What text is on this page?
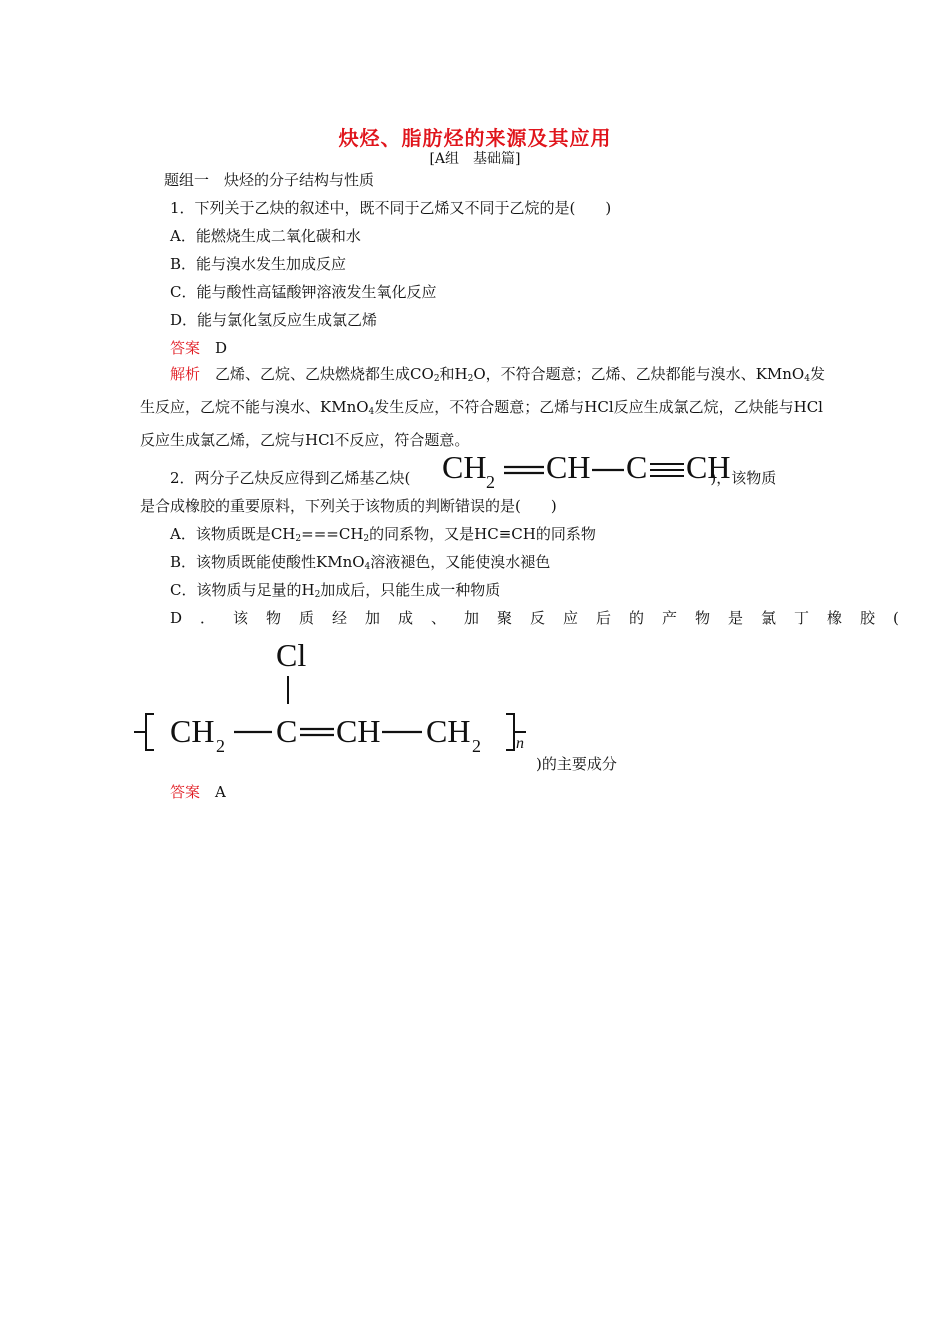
炔烃、脂肪烃的来源及其应用
[A组　基础篇]
题组一　炔烃的分子结构与性质
1．下列关于乙炔的叙述中，既不同于乙烯又不同于乙烷的是(　　)
A．能燃烧生成二氧化碳和水
B．能与溴水发生加成反应
C．能与酸性高锰酸钾溶液发生氧化反应
D．能与氯化氢反应生成氯乙烯
答案　 D
解析　 乙烯、乙烷、乙炔燃烧都生成$CO_2$和$H_2O$，不符合题意；乙烯、乙炔都能与溴水、KMnO$_4$发生反应，乙烷不能与溴水、KMnO$_4$发生反应，不符合题意；乙烯与HCl反应生成氯乙烷，乙炔能与HCl反应生成氯乙烯，乙烷与HCl不反应，符合题意。
2．两分子乙炔反应得到乙烯基乙炔(	)，该物质
CH 2 CH C CH
是合成橡胶的重要原料，下列关于该物质的判断错误的是(　　)
A．该物质既是$CH_2===CH_2$的同系物，又是HC≡CH的同系物
B．该物质既能使酸性KMnO$_4$溶液褪色，又能使溴水褪色
C．该物质与足量的$H_2$加成后，只能生成一种物质
D．该物质经加成、加聚反应后的产物是氯丁橡胶(
Cl
CH 2 C CH CH 2 n
)的主要成分
答案　 A
